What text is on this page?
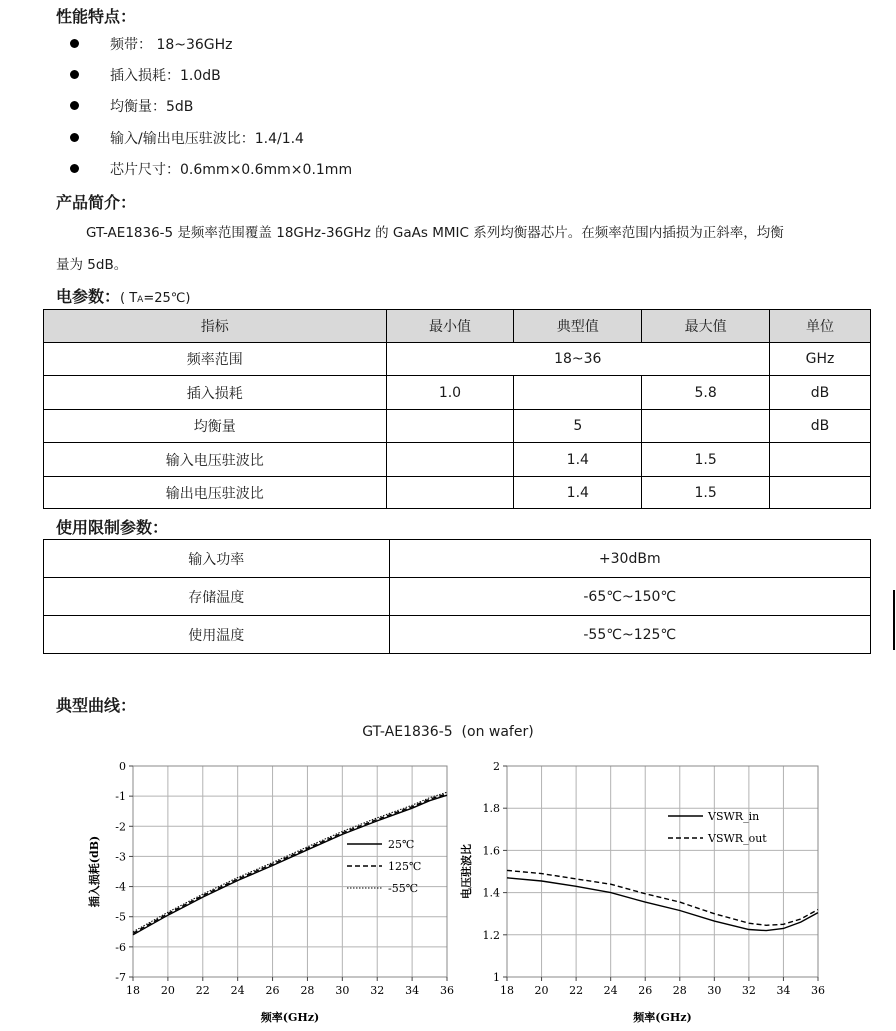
性能特点：
频带： 18~36GHz
插入损耗：1.0dB
均衡量：5dB
输入/输出电压驻波比：1.4/1.4
芯片尺寸：0.6mm×0.6mm×0.1mm
产品简介：
GT-AE1836-5 是频率范围覆盖 18GHz-36GHz 的 GaAs MMIC 系列均衡器芯片。在频率范围内插损为正斜率，均衡
量为 5dB。
电参数：( TA=25℃)
指标	最小值	典型值	最大值	单位
频率范围	18~36			GHz
插入损耗	1.0		5.8	dB
均衡量		5		dB
输入电压驻波比		1.4	1.5	
输出电压驻波比		1.4	1.5	
使用限制参数：
输入功率	+30dBm
存储温度	-65℃~150℃
使用温度	-55℃~125℃
典型曲线：
GT-AE1836-5  (on wafer)
18 20 22 24 26 28 30 32 34 36
0
-1
-2
-3
-4
-5
-6
-7
频率(GHz)
插入损耗(dB)	25℃
125℃
-55℃
18 20 22 24 26 28 30 32 34 36
1
1.2
1.4
1.6
1.8
2
频率(GHz)
电压驻波比
VSWR_in
VSWR_out
